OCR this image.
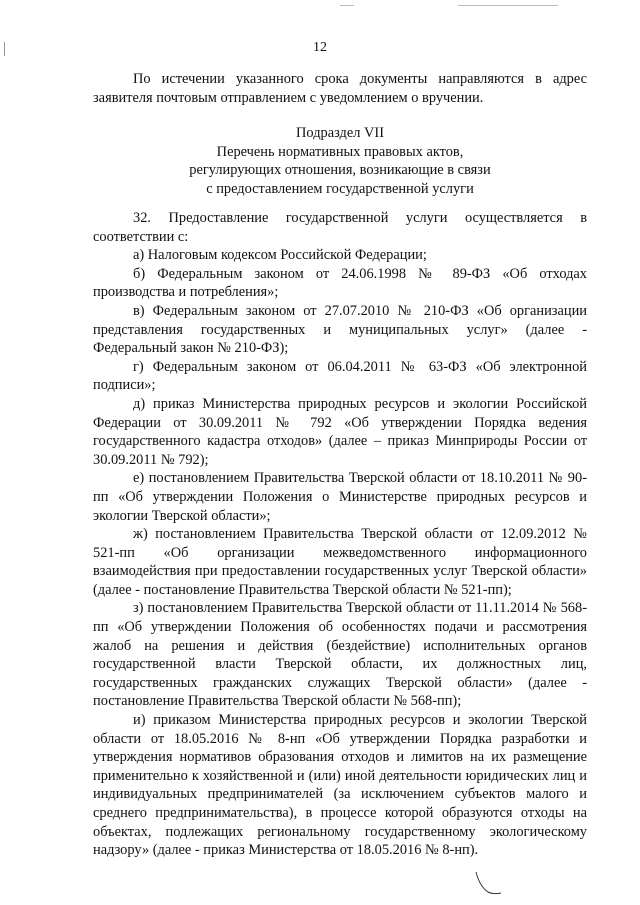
12

По истечении указанного срока документы направляются в адрес заявителя почтовым отправлением с уведомлением о вручении.

Подраздел VII
Перечень нормативных правовых актов,
регулирующих отношения, возникающие в связи
с предоставлением государственной услуги

32. Предоставление государственной услуги осуществляется в соответствии с:

а) Налоговым кодексом Российской Федерации;

б) Федеральным законом от 24.06.1998 № 89-ФЗ «Об отходах производства и потребления»;

в) Федеральным законом от 27.07.2010 № 210-ФЗ «Об организации представления государственных и муниципальных услуг» (далее - Федеральный закон № 210-ФЗ);

г) Федеральным законом от 06.04.2011 № 63-ФЗ «Об электронной подписи»;

д) приказ Министерства природных ресурсов и экологии Российской Федерации от 30.09.2011 № 792 «Об утверждении Порядка ведения государственного кадастра отходов» (далее – приказ Минприроды России от 30.09.2011 № 792);

е) постановлением Правительства Тверской области от 18.10.2011 № 90-пп «Об утверждении Положения о Министерстве природных ресурсов и экологии Тверской области»;

ж) постановлением Правительства Тверской области от 12.09.2012 № 521-пп «Об организации межведомственного информационного взаимодействия при предоставлении государственных услуг Тверской области» (далее - постановление Правительства Тверской области № 521-пп);

з) постановлением Правительства Тверской области от 11.11.2014 № 568-пп «Об утверждении Положения об особенностях подачи и рассмотрения жалоб на решения и действия (бездействие) исполнительных органов государственной власти Тверской области, их должностных лиц, государственных гражданских служащих Тверской области» (далее - постановление Правительства Тверской области № 568-пп);

и) приказом Министерства природных ресурсов и экологии Тверской области от 18.05.2016 № 8-нп «Об утверждении Порядка разработки и утверждения нормативов образования отходов и лимитов на их размещение применительно к хозяйственной и (или) иной деятельности юридических лиц и индивидуальных предпринимателей (за исключением субъектов малого и среднего предпринимательства), в процессе которой образуются отходы на объектах, подлежащих региональному государственному экологическому надзору» (далее - приказ Министерства от 18.05.2016 № 8-нп).
